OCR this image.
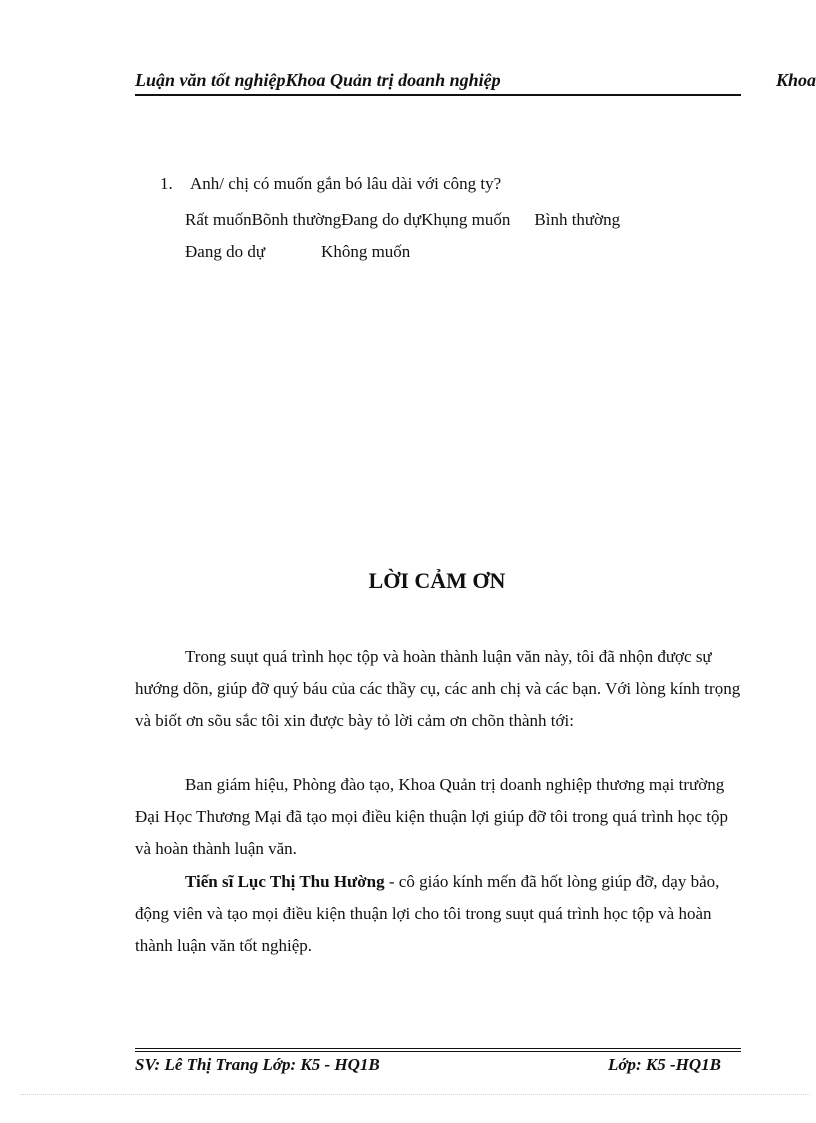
Luận văn tốt nghiệpKhoa Quản trị doanh nghiệp	Khoa
1. Anh/ chị có muốn gắn bó lâu dài với công ty?
Rất muốnBõnh thườngĐang do dựKhụng muốn Bình thường
Đang do dự	Không muốn
LỜI CẢM ƠN
Trong suụt quá trình học tộp và hoàn thành luận văn này, tôi đã nhộn được sự hướng dõn, giúp đỡ quý báu của các thầy cụ, các anh chị và các bạn. Với lòng kính trọng và biốt ơn sõu sắc tôi xin được bày tỏ lời cảm ơn chõn thành tới:
Ban giám hiệu, Phòng đào tạo, Khoa Quản trị doanh nghiệp thương mại trường Đại Học Thương Mại đã tạo mọi điều kiện thuận lợi giúp đỡ tôi trong quá trình học tộp và hoàn thành luận văn.
Tiến sĩ Lục Thị Thu Hường - cô giáo kính mến đã hốt lòng giúp đỡ, dạy bảo, động viên và tạo mọi điều kiện thuận lợi cho tôi trong suụt quá trình học tộp và hoàn thành luận văn tốt nghiệp.
SV: Lê Thị Trang Lớp: K5 - HQ1B	Lớp: K5 -HQ1B
